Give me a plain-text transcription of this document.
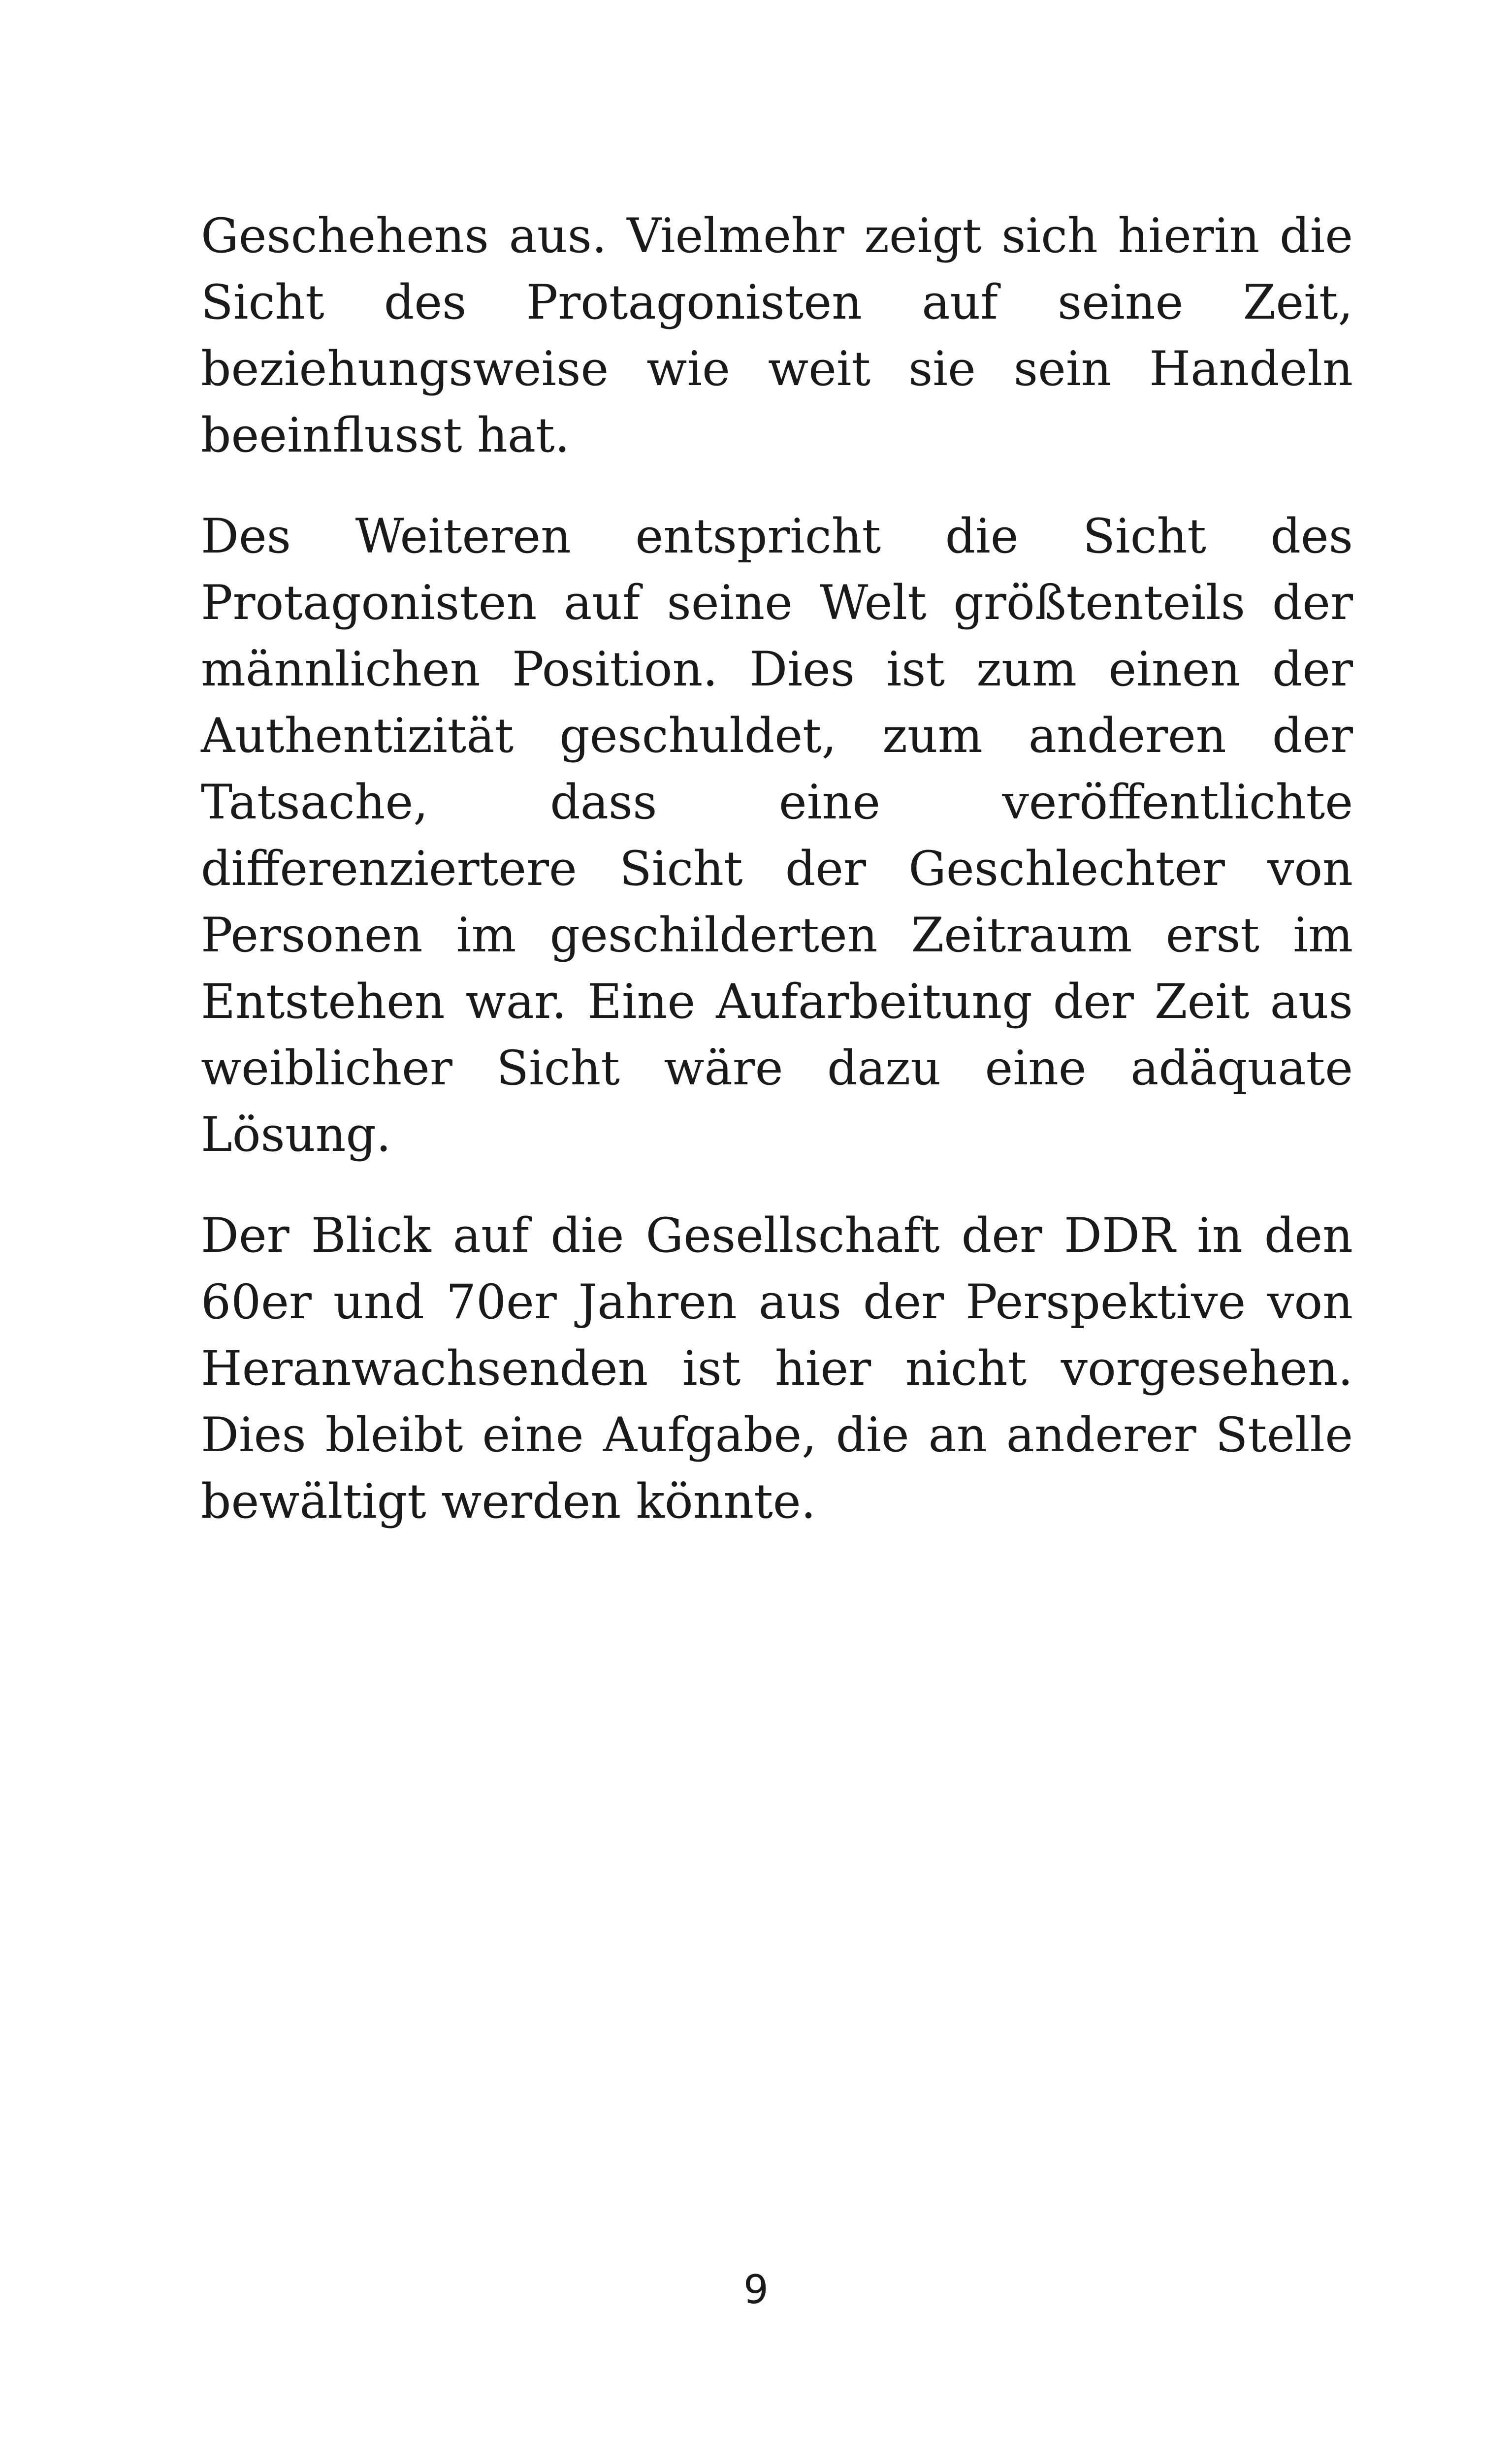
Geschehens aus. Vielmehr zeigt sich hierin die Sicht des Protagonisten auf seine Zeit, beziehungsweise wie weit sie sein Handeln beeinflusst hat.

Des Weiteren entspricht die Sicht des Protagonisten auf seine Welt größtenteils der männlichen Position. Dies ist zum einen der Authentizität geschuldet, zum anderen der Tatsache, dass eine veröffentlichte differenziertere Sicht der Geschlechter von Personen im geschilderten Zeitraum erst im Entstehen war. Eine Aufarbeitung der Zeit aus weiblicher Sicht wäre dazu eine adäquate Lösung.

Der Blick auf die Gesellschaft der DDR in den 60er und 70er Jahren aus der Perspektive von Heranwachsenden ist hier nicht vorgesehen. Dies bleibt eine Aufgabe, die an anderer Stelle bewältigt werden könnte.

9
